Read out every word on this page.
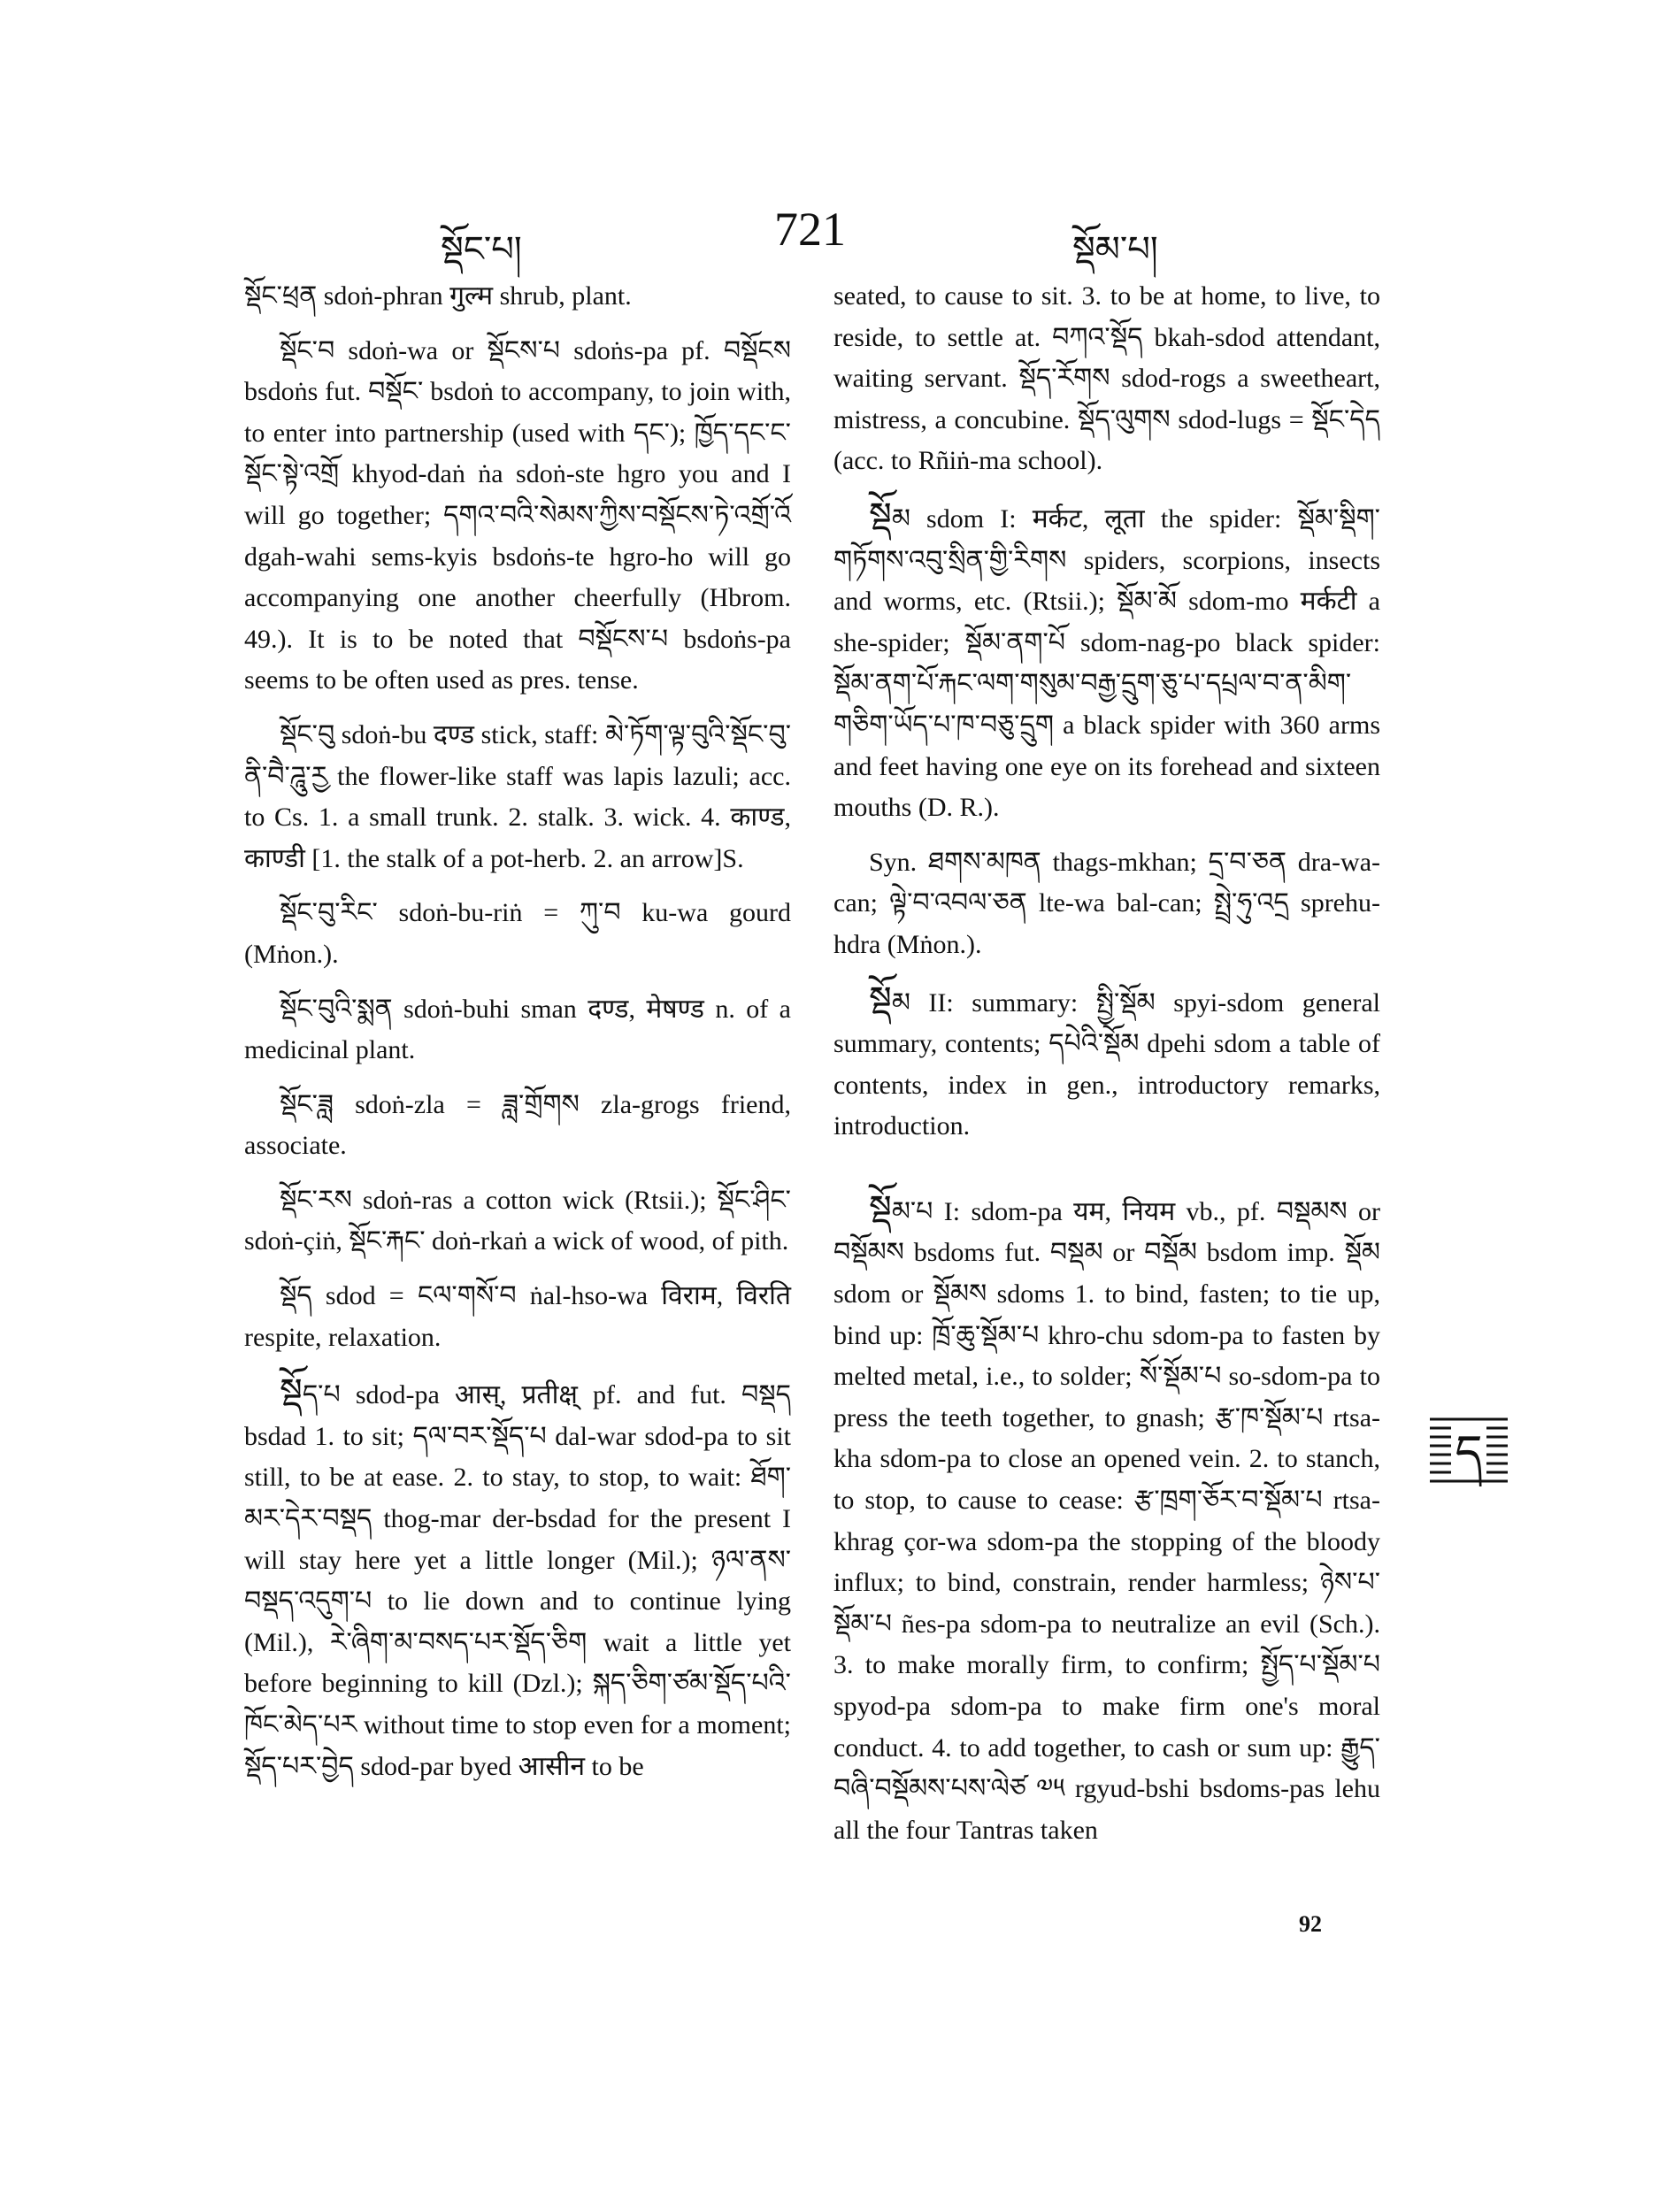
སྡོང་པ།	721	སྡོམ་པ།

སྡོང་ཕྲན sdoṅ-phran गुल्म shrub, plant.

སྡོང་བ sdoṅ-wa or སྡོངས་པ sdoṅs-pa pf. བསྡོངས bsdoṅs fut. བསྡོང་ bsdoṅ to accompany, to join with, to enter into partnership (used with དང་); ཁྱོད་དང་ང་སྡོང་སྟེ་འགྲོ khyod-daṅ ṅa sdoṅ-ste hgro you and I will go together; དགའ་བའི་སེམས་ཀྱིས་བསྡོངས་ཏེ་འགྲོ་འོ dgah-wahi sems-kyis bsdoṅs-te hgro-ho will go accompanying one another cheerfully (Hbrom. 49.). It is to be noted that བསྡོངས་པ bsdoṅs-pa seems to be often used as pres. tense.

སྡོང་བུ sdoṅ-bu दण्ड stick, staff: མེ་ཏོག་ལྟ་བུའི་སྡོང་བུ་ནི་བཻ་ཌཱུ་རྱ the flower-like staff was lapis lazuli; acc. to Cs. 1. a small trunk. 2. stalk. 3. wick. 4. काण्ड, काण्डी [1. the stalk of a pot-herb. 2. an arrow]S.

སྡོང་བུ་རིང་ sdoṅ-bu-riṅ = ཀུ་བ ku-wa gourd (Mṅon.).

སྡོང་བུའི་སྨན sdoṅ-buhi sman दण्ड, मेषण्ड n. of a medicinal plant.

སྡོང་ཟླ sdoṅ-zla = ཟླ་གྲོགས zla-grogs friend, associate.

སྡོང་རས sdoṅ-ras a cotton wick (Rtsii.); སྡོང་ཤིང་ sdoṅ-çiṅ, སྡོང་རྐང་ doṅ-rkaṅ a wick of wood, of pith.

སྡོད sdod = ངལ་གསོ་བ ṅal-hso-wa विराम, विरति respite, relaxation.

སྡོད་པ sdod-pa आस्, प्रतीक्ष् pf. and fut. བསྡད bsdad 1. to sit; དལ་བར་སྡོད་པ dal-war sdod-pa to sit still, to be at ease. 2. to stay, to stop, to wait: ཐོག་མར་དེར་བསྡད thog-mar der-bsdad for the present I will stay here yet a little longer (Mil.); ཉལ་ནས་བསྡད་འདུག་པ to lie down and to continue lying (Mil.), རེ་ཞིག་མ་བསད་པར་སྡོད་ཅིག wait a little yet before beginning to kill (Dzl.); སྐད་ཅིག་ཙམ་སྡོད་པའི་ཁོང་མེད་པར without time to stop even for a moment; སྡོད་པར་བྱེད sdod-par byed आसीन to be

seated, to cause to sit. 3. to be at home, to live, to reside, to settle at. བཀའ་སྡོད bkah-sdod attendant, waiting servant. སྡོད་རོགས sdod-rogs a sweetheart, mistress, a concubine. སྡོད་ལུགས sdod-lugs = སྡོང་དེད (acc. to Rñiṅ-ma school).

སྡོམ sdom I: मर्कट, लूता the spider: སྡོམ་སྡིག་གཏོགས་འབུ་སྲིན་གྱི་རིགས spiders, scorpions, insects and worms, etc. (Rtsii.); སྡོམ་མོ sdom-mo मर्कटी a she-spider; སྡོམ་ནག་པོ sdom-nag-po black spider: སྡོམ་ནག་པོ་རྐང་ལག་གསུམ་བརྒྱ་དྲུག་ཅུ་པ་དཔྲལ་བ་ན་མིག་གཅིག་ཡོད་པ་ཁ་བཅུ་དྲུག a black spider with 360 arms and feet having one eye on its forehead and sixteen mouths (D. R.).

Syn. ཐགས་མཁན thags-mkhan; དྲ་བ་ཅན dra-wa-can; ལྟེ་བ་འབལ་ཅན lte-wa bal-can; སྤྲེ་ཧུ་འདྲ sprehu-hdra (Mṅon.).

སྡོམ II: summary: སྤྱི་སྡོམ spyi-sdom general summary, contents; དཔེའི་སྡོམ dpehi sdom a table of contents, index in gen., introductory remarks, introduction.

སྡོམ་པ I: sdom-pa यम, नियम vb., pf. བསྡམས or བསྡོམས bsdoms fut. བསྡམ or བསྡོམ bsdom imp. སྡོམ sdom or སྡོམས sdoms 1. to bind, fasten; to tie up, bind up: ཁྲོ་ཆུ་སྡོམ་པ khro-chu sdom-pa to fasten by melted metal, i.e., to solder; སོ་སྡོམ་པ so-sdom-pa to press the teeth together, to gnash; རྩ་ཁ་སྡོམ་པ rtsa-kha sdom-pa to close an opened vein. 2. to stanch, to stop, to cause to cease: རྩ་ཁྲག་ཅོར་བ་སྡོམ་པ rtsa-khrag çor-wa sdom-pa the stopping of the bloody influx; to bind, constrain, render harmless; ཉེས་པ་སྡོམ་པ ñes-pa sdom-pa to neutralize an evil (Sch.). 3. to make morally firm, to confirm; སྤྱོད་པ་སྡོམ་པ spyod-pa sdom-pa to make firm one's moral conduct. 4. to add together, to cash or sum up: རྒྱུད་བཞི་བསྡོམས་པས་ལེཙ ༧༥ rgyud-bshi bsdoms-pas lehu all the four Tantras taken

92
ད
